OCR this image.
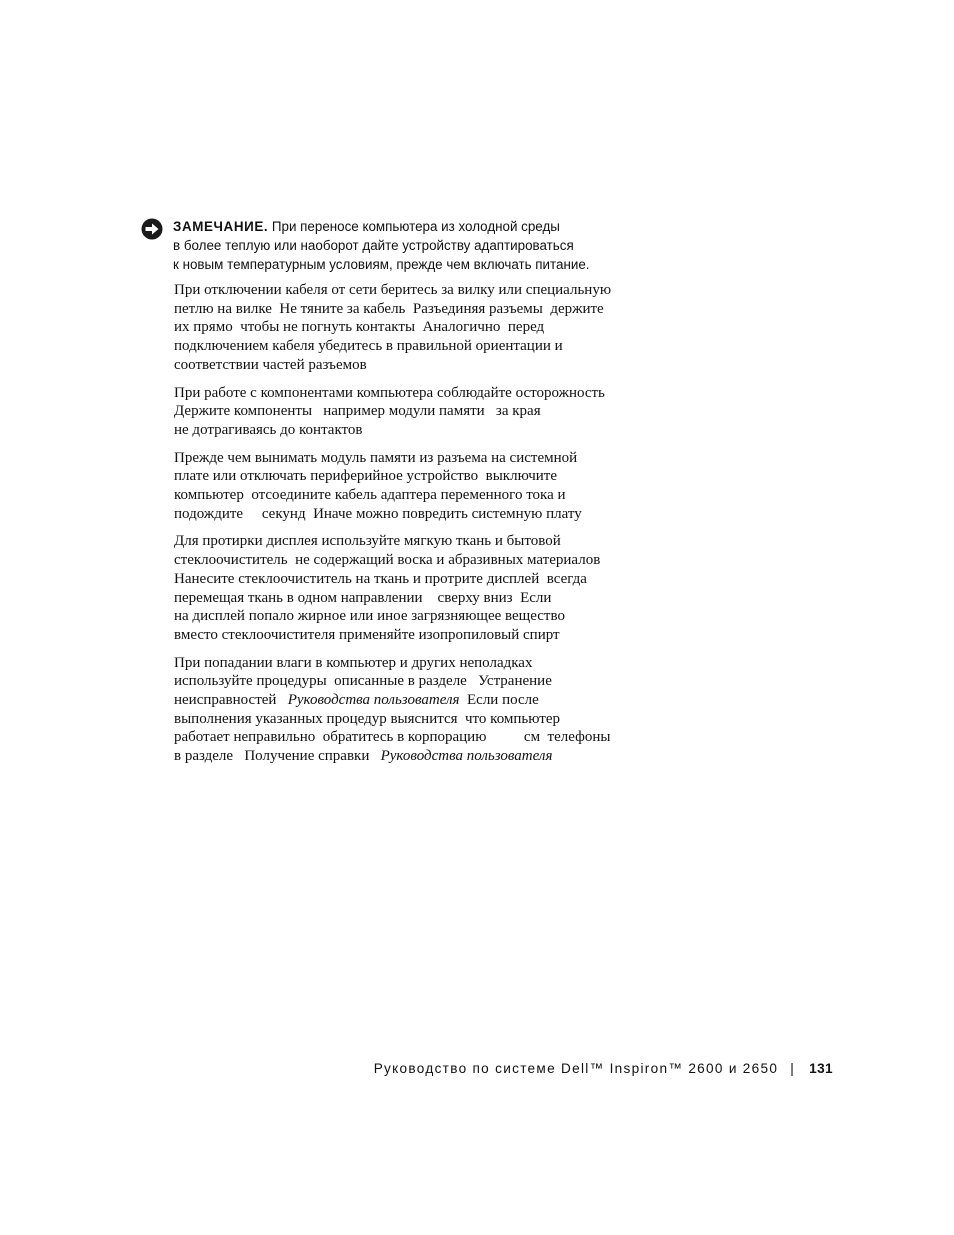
ЗАМЕЧАНИЕ. При переносе компьютера из холодной среды
в более теплую или наоборот дайте устройству адаптироваться
к новым температурным условиям, прежде чем включать питание.
При отключении кабеля от сети беритесь за вилку или специальную
петлю на вилке  Не тяните за кабель  Разъединяя разъемы  держите
их прямо  чтобы не погнуть контакты  Аналогично  перед
подключением кабеля убедитесь в правильной ориентации и
соответствии частей разъемов
При работе с компонентами компьютера соблюдайте осторожность
Держите компоненты   например модули памяти   за края
не дотрагиваясь до контактов
Прежде чем вынимать модуль памяти из разъема на системной
плате или отключать периферийное устройство  выключите
компьютер  отсоедините кабель адаптера переменного тока и
подождите     секунд  Иначе можно повредить системную плату
Для протирки дисплея используйте мягкую ткань и бытовой
стеклоочиститель  не содержащий воска и абразивных материалов
Нанесите стеклоочиститель на ткань и протрите дисплей  всегда
перемещая ткань в одном направлении    сверху вниз  Если
на дисплей попало жирное или иное загрязняющее вещество
вместо стеклоочистителя применяйте изопропиловый спирт
При попадании влаги в компьютер и других неполадках
используйте процедуры  описанные в разделе   Устранение
неисправностей   Руководства пользователя  Если после
выполнения указанных процедур выяснится  что компьютер
работает неправильно  обратитесь в корпорацию          см  телефоны
в разделе   Получение справки   Руководства пользователя
Руководство по системе Dell™ Inspiron™ 2600 и 2650 | 131
